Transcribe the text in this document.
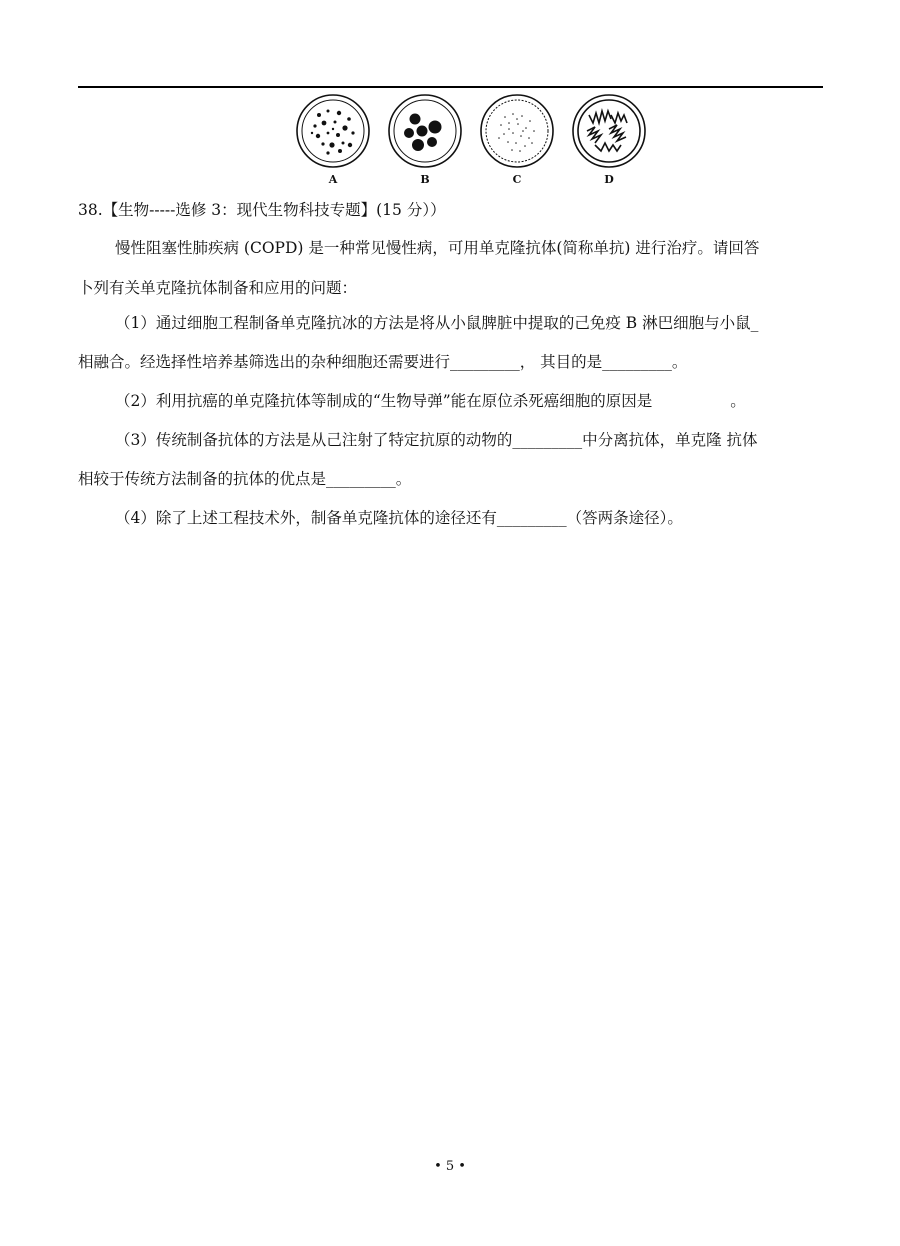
A	B	C	D
38.【生物-----选修 3：现代生物科技专题】(15 分））
慢性阻塞性肺疾病 (COPD) 是一种常见慢性病，可用单克隆抗体(简称单抗) 进行治疗。请回答
卜列有关单克隆抗体制备和应用的问题：
（1）通过细胞工程制备单克隆抗冰的方法是将从小鼠脾脏中提取的己免疫 B 淋巴细胞与小鼠_
相融合。经选择性培养基筛选出的杂种细胞还需要进行_________， 其目的是_________。
（2）利用抗癌的单克隆抗体等制成的“生物导弹”能在原位杀死癌细胞的原因是	。
（3）传统制备抗体的方法是从己注射了特定抗原的动物的_________中分离抗体，单克隆 抗体
相较于传统方法制备的抗体的优点是_________。
（4）除了上述工程技术外，制备单克隆抗体的途径还有_________（答两条途径）。
• 5 •
